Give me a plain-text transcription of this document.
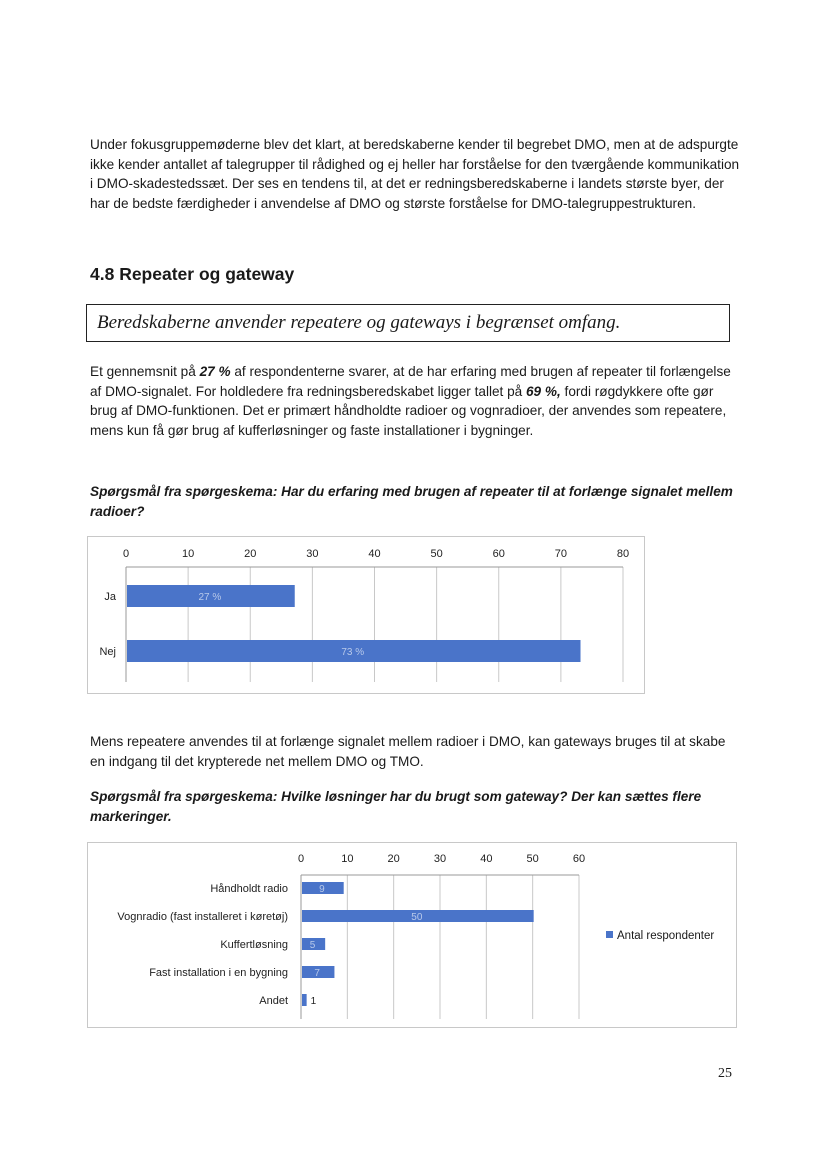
Under fokusgruppemøderne blev det klart, at beredskaberne kender til begrebet DMO, men at de adspurgte ikke kender antallet af talegrupper til rådighed og ej heller har forståelse for den tværgående kommunikation i DMO-skadestedssæt. Der ses en tendens til, at det er redningsberedskaberne i landets største byer, der har de bedste færdigheder i anvendelse af DMO og største forståelse for DMO-talegruppestrukturen.

4.8 Repeater og gateway
Beredskaberne anvender repeatere og gateways i begrænset omfang.

Et gennemsnit på 27 % af respondenterne svarer, at de har erfaring med brugen af repeater til forlængelse af DMO-signalet. For holdledere fra redningsberedskabet ligger tallet på 69 %, fordi røgdykkere ofte gør brug af DMO-funktionen. Det er primært håndholdte radioer og vognradioer, der anvendes som repeatere, mens kun få gør brug af kufferløsninger og faste installationer i bygninger.

Spørgsmål fra spørgeskema: Har du erfaring med brugen af repeater til at forlænge signalet mellem radioer?

0	10	20	30	40	50	60	70	80
Ja	27 %
Nej	73 %

Mens repeatere anvendes til at forlænge signalet mellem radioer i DMO, kan gateways bruges til at skabe en indgang til det krypterede net mellem DMO og TMO.

Spørgsmål fra spørgeskema: Hvilke løsninger har du brugt som gateway? Der kan sættes flere markeringer.

0	10	20	30	40	50	60
Håndholdt radio	9
Vognradio (fast installeret i køretøj)	50
Kuffertløsning 5
Fast installation i en bygning	7
Andet 1
Antal respondenter
25
